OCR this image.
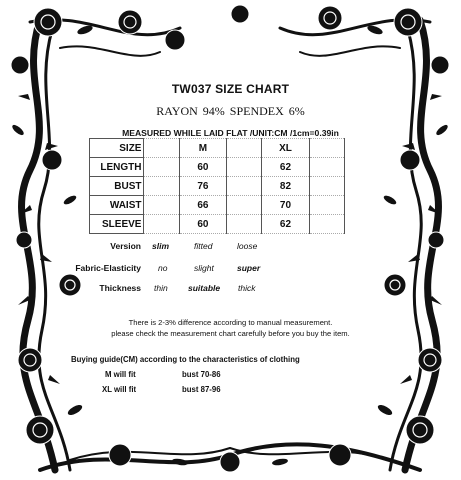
TW037 SIZE CHART
RAYON 94% SPENDEX 6%
MEASURED WHILE LAID FLAT /UNIT:CM /1cm=0.39in
SIZE		M		XL	
LENGTH		60		62	
BUST		76		82	
WAIST		66		70	
SLEEVE		60		62	
Version slim	fitted	loose
Fabric-Elasticity no	slight	super
Thickness thin suitable thick
There is 2-3% difference according to manual measurement.
please check the measurement chart carefully before you buy the item.
Buying guide(CM) according to the characteristics of clothing
M will fit	bust 70-86
XL will fit	bust 87-96
